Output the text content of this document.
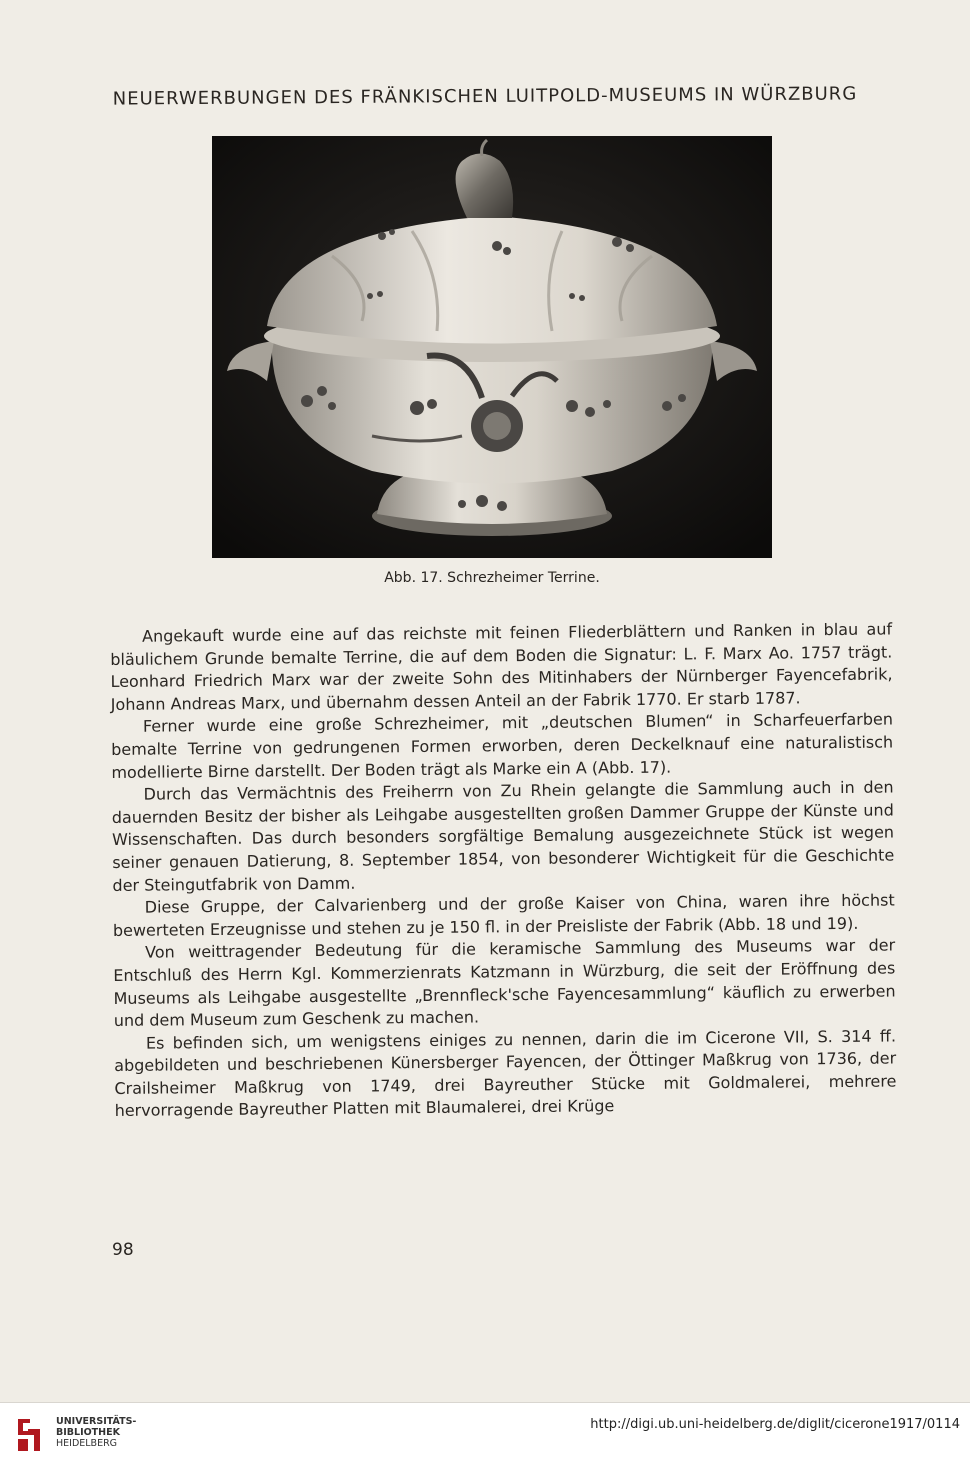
NEUERWERBUNGEN DES FRÄNKISCHEN LUITPOLD-MUSEUMS IN WÜRZBURG
Abb. 17. Schrezheimer Terrine.

Angekauft wurde eine auf das reichste mit feinen Fliederblättern und Ranken in blau auf bläulichem Grunde bemalte Terrine, die auf dem Boden die Signatur: L. F. Marx Ao. 1757 trägt. Leonhard Friedrich Marx war der zweite Sohn des Mitinhabers der Nürnberger Fayencefabrik, Johann Andreas Marx, und übernahm dessen Anteil an der Fabrik 1770. Er starb 1787.

Ferner wurde eine große Schrezheimer, mit „deutschen Blumen“ in Scharfeuerfarben bemalte Terrine von gedrungenen Formen erworben, deren Deckelknauf eine naturalistisch modellierte Birne darstellt. Der Boden trägt als Marke ein A (Abb. 17).

Durch das Vermächtnis des Freiherrn von Zu Rhein gelangte die Sammlung auch in den dauernden Besitz der bisher als Leihgabe ausgestellten großen Dammer Gruppe der Künste und Wissenschaften. Das durch besonders sorgfältige Bemalung ausgezeichnete Stück ist wegen seiner genauen Datierung, 8. September 1854, von besonderer Wichtigkeit für die Geschichte der Steingutfabrik von Damm.

Diese Gruppe, der Calvarienberg und der große Kaiser von China, waren ihre höchst bewerteten Erzeugnisse und stehen zu je 150 fl. in der Preisliste der Fabrik (Abb. 18 und 19).

Von weittragender Bedeutung für die keramische Sammlung des Museums war der Entschluß des Herrn Kgl. Kommerzienrats Katzmann in Würzburg, die seit der Eröffnung des Museums als Leihgabe ausgestellte „Brennfleck'sche Fayencesammlung“ käuflich zu erwerben und dem Museum zum Geschenk zu machen.

Es befinden sich, um wenigstens einiges zu nennen, darin die im Cicerone VII, S. 314 ff. abgebildeten und beschriebenen Künersberger Fayencen, der Öttinger Maßkrug von 1736, der Crailsheimer Maßkrug von 1749, drei Bayreuther Stücke mit Goldmalerei, mehrere hervorragende Bayreuther Platten mit Blaumalerei, drei Krüge

98
UNIVERSITÄTS-
BIBLIOTHEK
HEIDELBERG
http://digi.ub.uni-heidelberg.de/diglit/cicerone1917/0114
